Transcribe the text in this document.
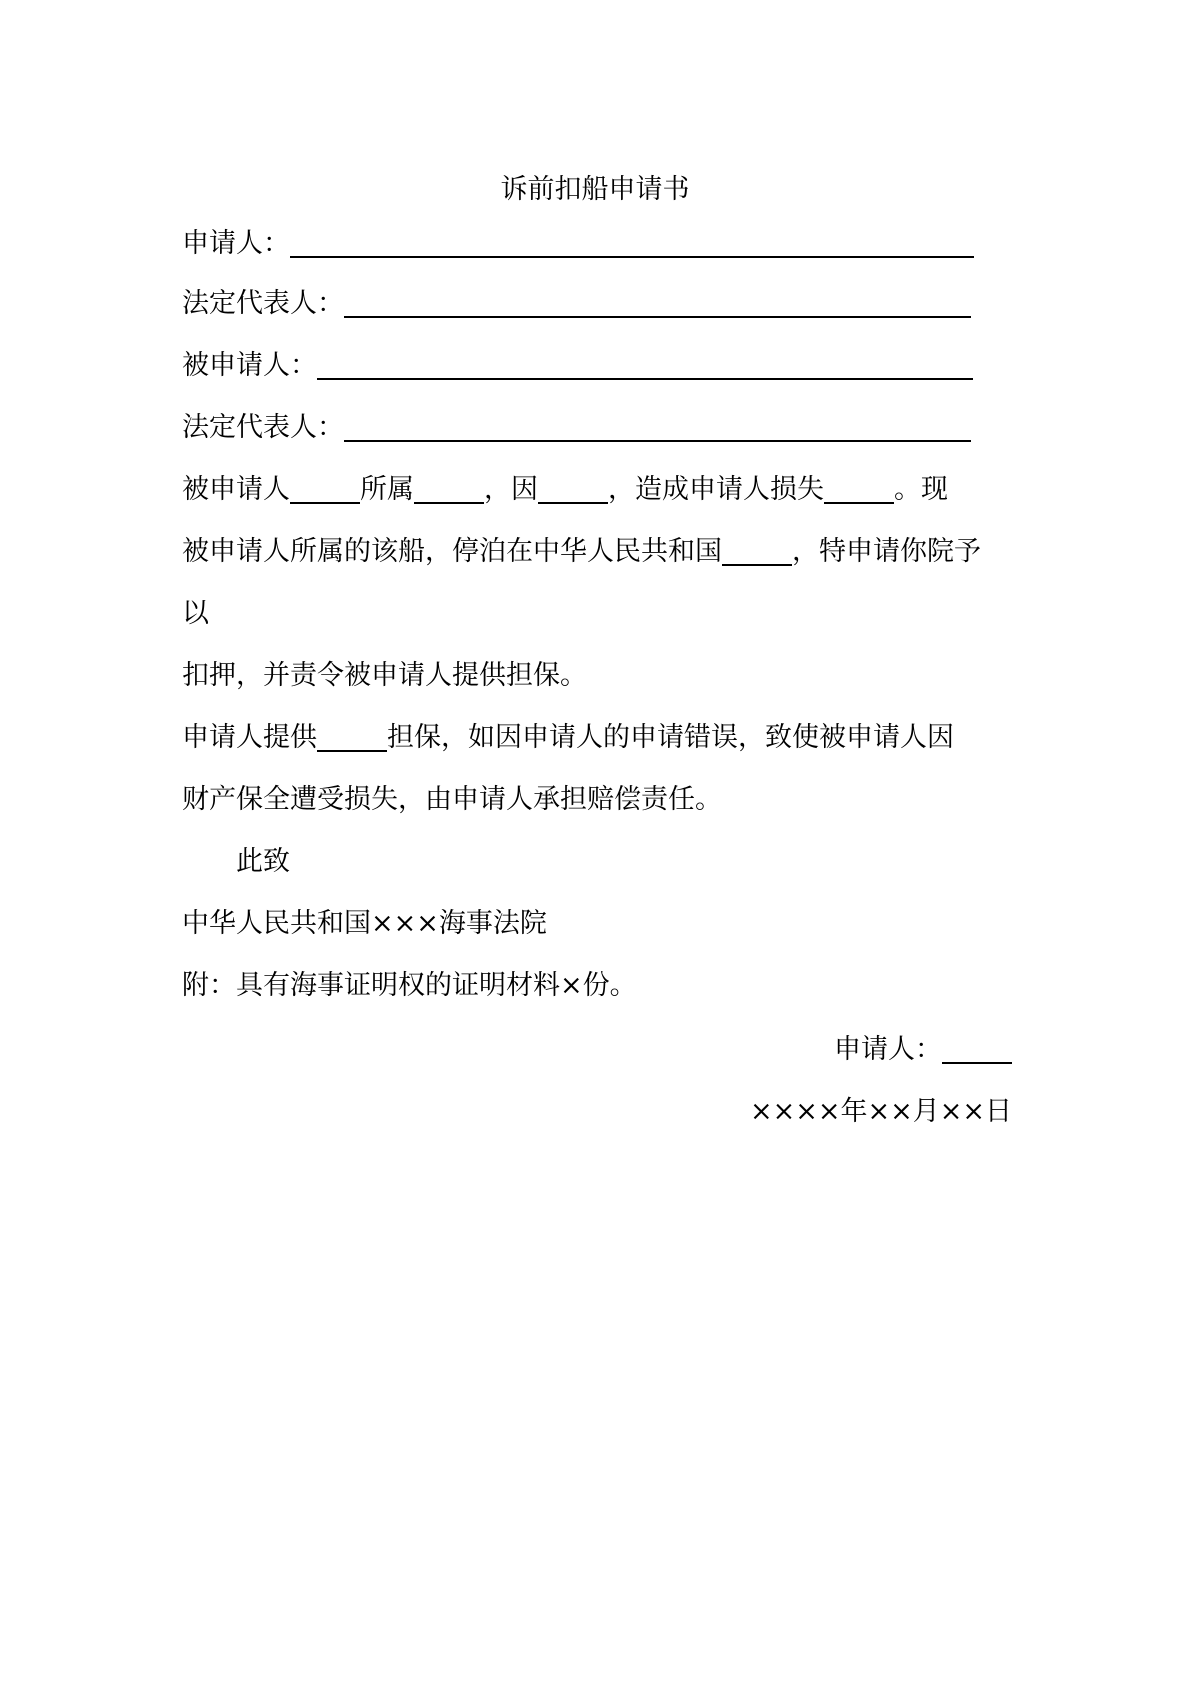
诉前扣船申请书
申请人：
法定代表人：
被申请人：
法定代表人：
被申请人	所属	，因	，造成申请人损失	。现
被申请人所属的该船，停泊在中华人民共和国	，特申请你院予
以
扣押，并责令被申请人提供担保。
申请人提供	担保，如因申请人的申请错误，致使被申请人因
财产保全遭受损失，由申请人承担赔偿责任。
此致
中华人民共和国×××海事法院
附：具有海事证明权的证明材料×份。
申请人：
××××年××月××日
